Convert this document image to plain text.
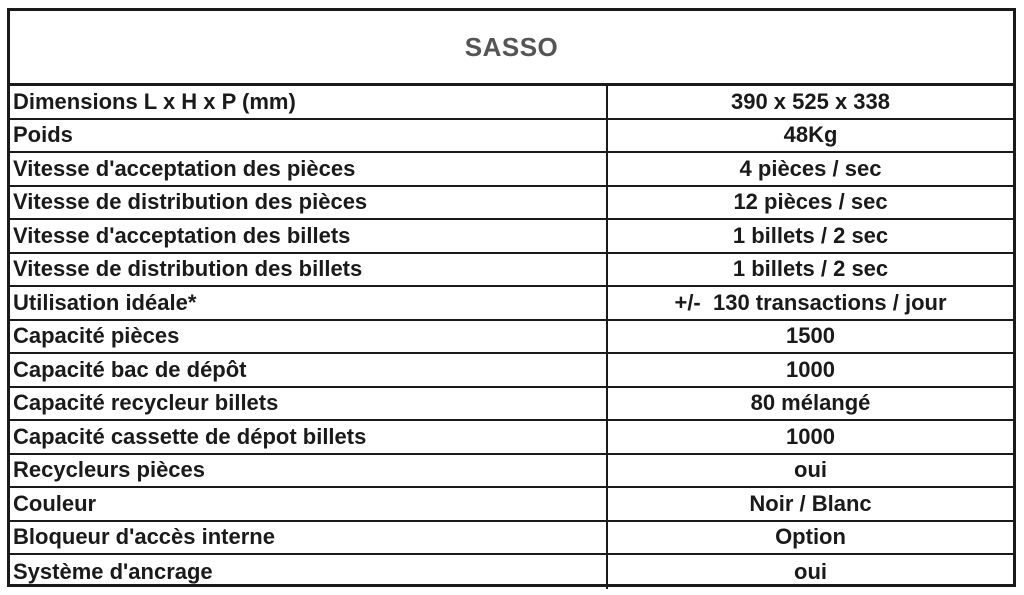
SASSO
Dimensions L x H x P (mm)	390 x 525 x 338
Poids	48Kg
Vitesse d'acceptation des pièces	4 pièces / sec
Vitesse de distribution des pièces	12 pièces / sec
Vitesse d'acceptation des billets	1 billets / 2 sec
Vitesse de distribution des billets	1 billets / 2 sec
Utilisation idéale*	+/-  130 transactions / jour
Capacité pièces	1500
Capacité bac de dépôt	1000
Capacité recycleur billets	80 mélangé
Capacité cassette de dépot billets	1000
Recycleurs pièces	oui
Couleur	Noir / Blanc
Bloqueur d'accès interne	Option
Système d'ancrage	oui
